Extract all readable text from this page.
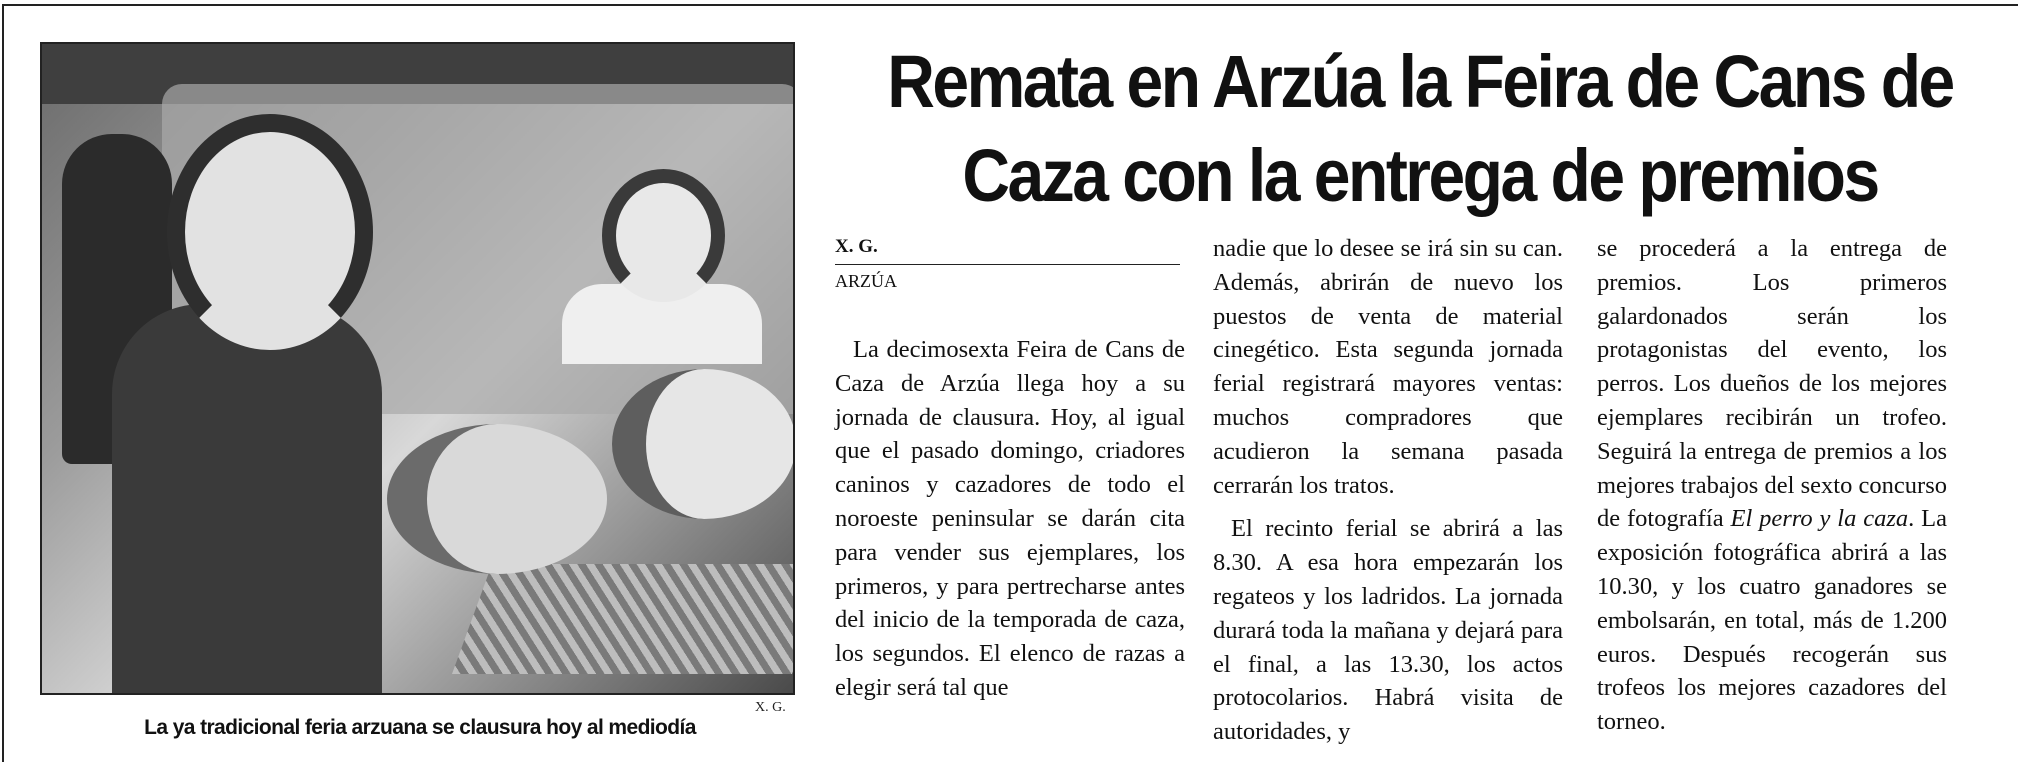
X. G.
La ya tradicional feria arzuana se clausura hoy al mediodía
Remata en Arzúa la Feira de Cans de Caza con la entrega de premios
X. G.
ARZÚA

La decimosexta Feira de Cans de Caza de Arzúa llega hoy a su jornada de clausura. Hoy, al igual que el pasado domingo, criadores caninos y cazadores de todo el noroeste peninsular se darán cita para vender sus ejemplares, los primeros, y para pertrecharse antes del inicio de la temporada de caza, los segundos. El elenco de razas a elegir será tal que

nadie que lo desee se irá sin su can. Además, abrirán de nuevo los puestos de venta de material cinegético. Esta segunda jornada ferial registrará mayores ventas: muchos compradores que acudieron la semana pasada cerrarán los tratos.

El recinto ferial se abrirá a las 8.30. A esa hora empezarán los regateos y los ladridos. La jornada durará toda la mañana y dejará para el final, a las 13.30, los actos protocolarios. Habrá visita de autoridades, y

se procederá a la entrega de premios. Los primeros galardonados serán los protagonistas del evento, los perros. Los dueños de los mejores ejemplares recibirán un trofeo. Seguirá la entrega de premios a los mejores trabajos del sexto concurso de fotografía El perro y la caza. La exposición fotográfica abrirá a las 10.30, y los cuatro ganadores se embolsarán, en total, más de 1.200 euros. Después recogerán sus trofeos los mejores cazadores del torneo.
